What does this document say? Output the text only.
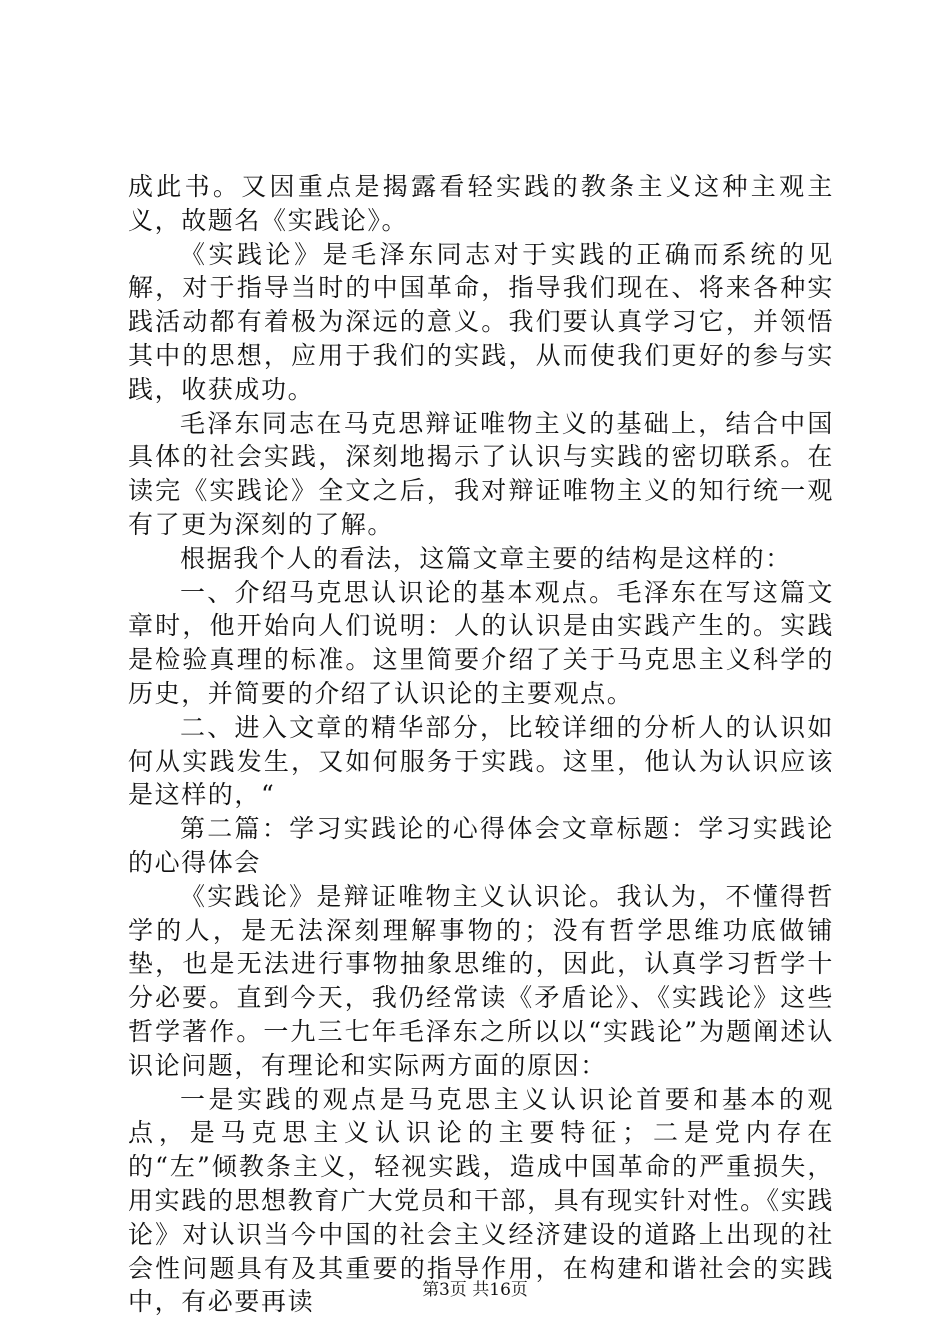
成此书。又因重点是揭露看轻实践的教条主义这种主观主义，故题名《实践论》。

《实践论》是毛泽东同志对于实践的正确而系统的见解，对于指导当时的中国革命，指导我们现在、将来各种实践活动都有着极为深远的意义。我们要认真学习它，并领悟其中的思想，应用于我们的实践，从而使我们更好的参与实践，收获成功。

毛泽东同志在马克思辩证唯物主义的基础上，结合中国具体的社会实践，深刻地揭示了认识与实践的密切联系。在读完《实践论》全文之后，我对辩证唯物主义的知行统一观有了更为深刻的了解。

根据我个人的看法，这篇文章主要的结构是这样的：

一、介绍马克思认识论的基本观点。毛泽东在写这篇文章时，他开始向人们说明：人的认识是由实践产生的。实践是检验真理的标准。这里简要介绍了关于马克思主义科学的历史，并简要的介绍了认识论的主要观点。

二、进入文章的精华部分，比较详细的分析人的认识如何从实践发生，又如何服务于实践。这里，他认为认识应该是这样的，“

第二篇：学习实践论的心得体会文章标题：学习实践论的心得体会

《实践论》是辩证唯物主义认识论。我认为，不懂得哲学的人，是无法深刻理解事物的；没有哲学思维功底做铺垫，也是无法进行事物抽象思维的，因此，认真学习哲学十分必要。直到今天，我仍经常读《矛盾论》、《实践论》这些哲学著作。一九三七年毛泽东之所以以“实践论”为题阐述认识论问题，有理论和实际两方面的原因：

一是实践的观点是马克思主义认识论首要和基本的观点，是马克思主义认识论的主要特征；二是党内存在的“左”倾教条主义，轻视实践，造成中国革命的严重损失，用实践的思想教育广大党员和干部，具有现实针对性。《实践论》对认识当今中国的社会主义经济建设的道路上出现的社会性问题具有及其重要的指导作用，在构建和谐社会的实践中，有必要再读	第3页 共16页
